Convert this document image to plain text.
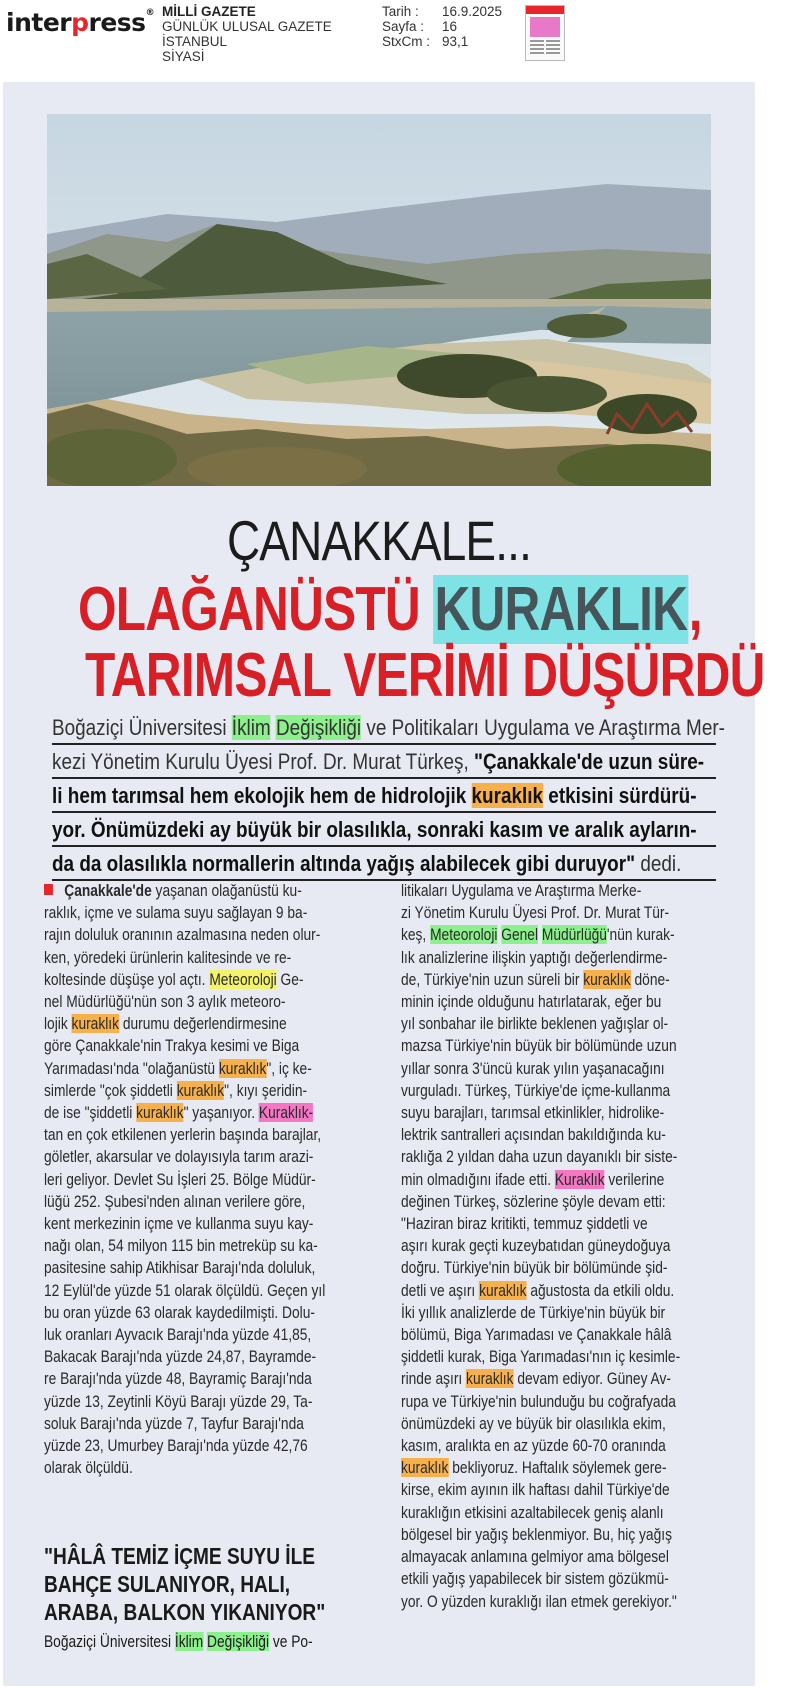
interpress® MİLLİ GAZETE
GÜNLÜK ULUSAL GAZETE
İSTANBUL
SİYASİ
Tarih : 16.9.2025
Sayfa : 16
StxCm : 93,1
ÇANAKKALE...
OLAĞANÜSTÜ KURAKLIK,
TARIMSAL VERİMİ DÜŞÜRDÜ
Boğaziçi Üniversitesi İklim Değişikliği ve Politikaları Uygulama ve Araştırma Mer-
kezi Yönetim Kurulu Üyesi Prof. Dr. Murat Türkeş, "Çanakkale'de uzun süre-
li hem tarımsal hem ekolojik hem de hidrolojik kuraklık etkisini sürdürü-
yor. Önümüzdeki ay büyük bir olasılıkla, sonraki kasım ve aralık ayların-
da da olasılıkla normallerin altında yağış alabilecek gibi duruyor" dedi.
Çanakkale'de yaşanan olağanüstü ku-
raklık, içme ve sulama suyu sağlayan 9 ba-
rajın doluluk oranının azalmasına neden olur-
ken, yöredeki ürünlerin kalitesinde ve re-
koltesinde düşüşe yol açtı. Meteoroloji Ge-
nel Müdürlüğü'nün son 3 aylık meteoro-
lojik kuraklık durumu değerlendirmesine
göre Çanakkale'nin Trakya kesimi ve Biga
Yarımadası'nda "olağanüstü kuraklık", iç ke-
simlerde "çok şiddetli kuraklık", kıyı şeridin-
de ise "şiddetli kuraklık" yaşanıyor. Kuraklık-
tan en çok etkilenen yerlerin başında barajlar,
göletler, akarsular ve dolayısıyla tarım arazi-
leri geliyor. Devlet Su İşleri 25. Bölge Müdür-
lüğü 252. Şubesi'nden alınan verilere göre,
kent merkezinin içme ve kullanma suyu kay-
nağı olan, 54 milyon 115 bin metreküp su ka-
pasitesine sahip Atikhisar Barajı'nda doluluk,
12 Eylül'de yüzde 51 olarak ölçüldü. Geçen yıl
bu oran yüzde 63 olarak kaydedilmişti. Dolu-
luk oranları Ayvacık Barajı'nda yüzde 41,85,
Bakacak Barajı'nda yüzde 24,87, Bayramde-
re Barajı'nda yüzde 48, Bayramiç Barajı'nda
yüzde 13, Zeytinli Köyü Barajı yüzde 29, Ta-
soluk Barajı'nda yüzde 7, Tayfur Barajı'nda
yüzde 23, Umurbey Barajı'nda yüzde 42,76
olarak ölçüldü.
"HÂLÂ TEMİZ İÇME SUYU İLE
BAHÇE SULANIYOR, HALI,
ARABA, BALKON YIKANIYOR"
Boğaziçi Üniversitesi İklim Değişikliği ve Po-
litikaları Uygulama ve Araştırma Merke-
zi Yönetim Kurulu Üyesi Prof. Dr. Murat Tür-
keş, Meteoroloji Genel Müdürlüğü'nün kurak-
lık analizlerine ilişkin yaptığı değerlendirme-
de, Türkiye'nin uzun süreli bir kuraklık döne-
minin içinde olduğunu hatırlatarak, eğer bu
yıl sonbahar ile birlikte beklenen yağışlar ol-
mazsa Türkiye'nin büyük bir bölümünde uzun
yıllar sonra 3'üncü kurak yılın yaşanacağını
vurguladı. Türkeş, Türkiye'de içme-kullanma
suyu barajları, tarımsal etkinlikler, hidrolike-
lektrik santralleri açısından bakıldığında ku-
raklığa 2 yıldan daha uzun dayanıklı bir siste-
min olmadığını ifade etti. Kuraklık verilerine
değinen Türkeş, sözlerine şöyle devam etti:
"Haziran biraz kritikti, temmuz şiddetli ve
aşırı kurak geçti kuzeybatıdan güneydoğuya
doğru. Türkiye'nin büyük bir bölümünde şid-
detli ve aşırı kuraklık ağustosta da etkili oldu.
İki yıllık analizlerde de Türkiye'nin büyük bir
bölümü, Biga Yarımadası ve Çanakkale hâlâ
şiddetli kurak, Biga Yarımadası'nın iç kesimle-
rinde aşırı kuraklık devam ediyor. Güney Av-
rupa ve Türkiye'nin bulunduğu bu coğrafyada
önümüzdeki ay ve büyük bir olasılıkla ekim,
kasım, aralıkta en az yüzde 60-70 oranında
kuraklık bekliyoruz. Haftalık söylemek gere-
kirse, ekim ayının ilk haftası dahil Türkiye'de
kuraklığın etkisini azaltabilecek geniş alanlı
bölgesel bir yağış beklenmiyor. Bu, hiç yağış
almayacak anlamına gelmiyor ama bölgesel
etkili yağış yapabilecek bir sistem gözükmü-
yor. O yüzden kuraklığı ilan etmek gerekiyor."
